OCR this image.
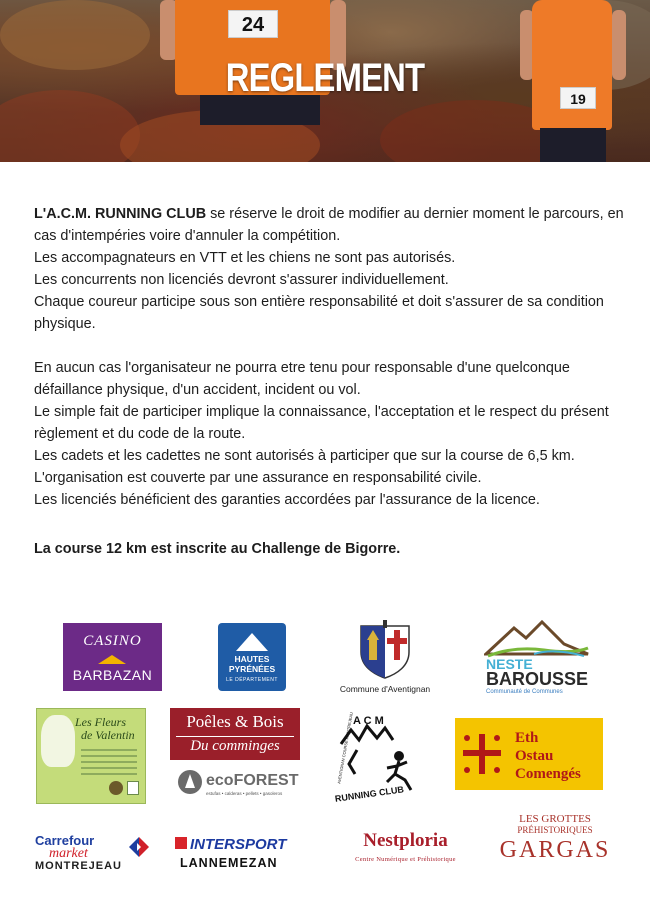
24
19
REGLEMENT

L'A.C.M. RUNNING CLUB se réserve le droit de modifier au dernier moment le parcours, en cas d'intempéries voire d'annuler la compétition.

Les accompagnateurs en VTT et les chiens ne sont pas autorisés.

Les concurrents non licenciés devront s'assurer individuellement.

Chaque coureur participe sous son entière responsabilité et doit s'assurer de sa condition physique.

En aucun cas l'organisateur ne pourra etre tenu pour responsable d'une quelconque défaillance physique, d'un accident, incident ou vol.

Le simple fait de participer implique la connaissance, l'acceptation et le respect du présent règlement et du code de la route.

Les cadets et les cadettes ne sont autorisés à participer que sur la course de 6,5 km.

L'organisation est couverte par une assurance en responsabilité civile.

Les licenciés bénéficient des garanties accordées par l'assurance de la licence.

La course 12 km est inscrite au Challenge de Bigorre.
CASINO
BARBAZAN
HAUTES
PYRÉNÉES
LE DÉPARTEMENT
Commune d'Aventignan
NESTE
BAROUSSE
Communauté de Communes
Les Fleurs
de Valentin
Poêles & Bois
Du comminges
ecoFOREST
estufas • calderas • pellets • gasoleros
A C M
RUNNING CLUB
AVENTIGNAN COURSE MONTREJEAU	Eth
Ostau
Comengés
Carrefour
market
MONTREJEAU
INTERSPORT
LANNEMEZAN
Nestploria
Centre Numérique et Préhistorique
LES GROTTES
PRÉHISTORIQUES
GARGAS
